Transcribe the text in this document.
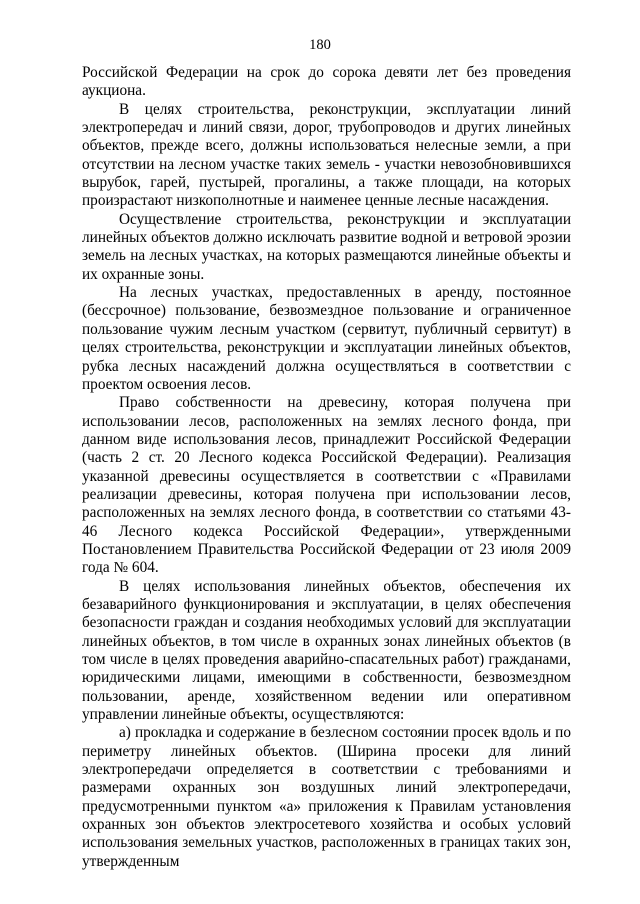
180

Российской Федерации на срок до сорока девяти лет без проведения аукциона.

В целях строительства, реконструкции, эксплуатации линий электропередач и линий связи, дорог, трубопроводов и других линейных объектов, прежде всего, должны использоваться нелесные земли, а при отсутствии на лесном участке таких земель - участки невозобновившихся вырубок, гарей, пустырей, прогалины, а также площади, на которых произрастают низкополнотные и наименее ценные лесные насаждения.

Осуществление строительства, реконструкции и эксплуатации линейных объектов должно исключать развитие водной и ветровой эрозии земель на лесных участках, на которых размещаются линейные объекты и их охранные зоны.

На лесных участках, предоставленных в аренду, постоянное (бессрочное) пользование, безвозмездное пользование и ограниченное пользование чужим лесным участком (сервитут, публичный сервитут) в целях строительства, реконструкции и эксплуатации линейных объектов, рубка лесных насаждений должна осуществляться в соответствии с проектом освоения лесов.

Право собственности на древесину, которая получена при использовании лесов, расположенных на землях лесного фонда, при данном виде использования лесов, принадлежит Российской Федерации (часть 2 ст. 20 Лесного кодекса Российской Федерации). Реализация указанной древесины осуществляется в соответствии с «Правилами реализации древесины, которая получена при использовании лесов, расположенных на землях лесного фонда, в соответствии со статьями 43-46 Лесного кодекса Российской Федерации», утвержденными Постановлением Правительства Российской Федерации от 23 июля 2009 года № 604.

В целях использования линейных объектов, обеспечения их безаварийного функционирования и эксплуатации, в целях обеспечения безопасности граждан и создания необходимых условий для эксплуатации линейных объектов, в том числе в охранных зонах линейных объектов (в том числе в целях проведения аварийно-спасательных работ) гражданами, юридическими лицами, имеющими в собственности, безвозмездном пользовании, аренде, хозяйственном ведении или оперативном управлении линейные объекты, осуществляются:

а) прокладка и содержание в безлесном состоянии просек вдоль и по периметру линейных объектов. (Ширина просеки для линий электропередачи определяется в соответствии с требованиями и размерами охранных зон воздушных линий электропередачи, предусмотренными пунктом «а» приложения к Правилам установления охранных зон объектов электросетевого хозяйства и особых условий использования земельных участков, расположенных в границах таких зон, утвержденным
